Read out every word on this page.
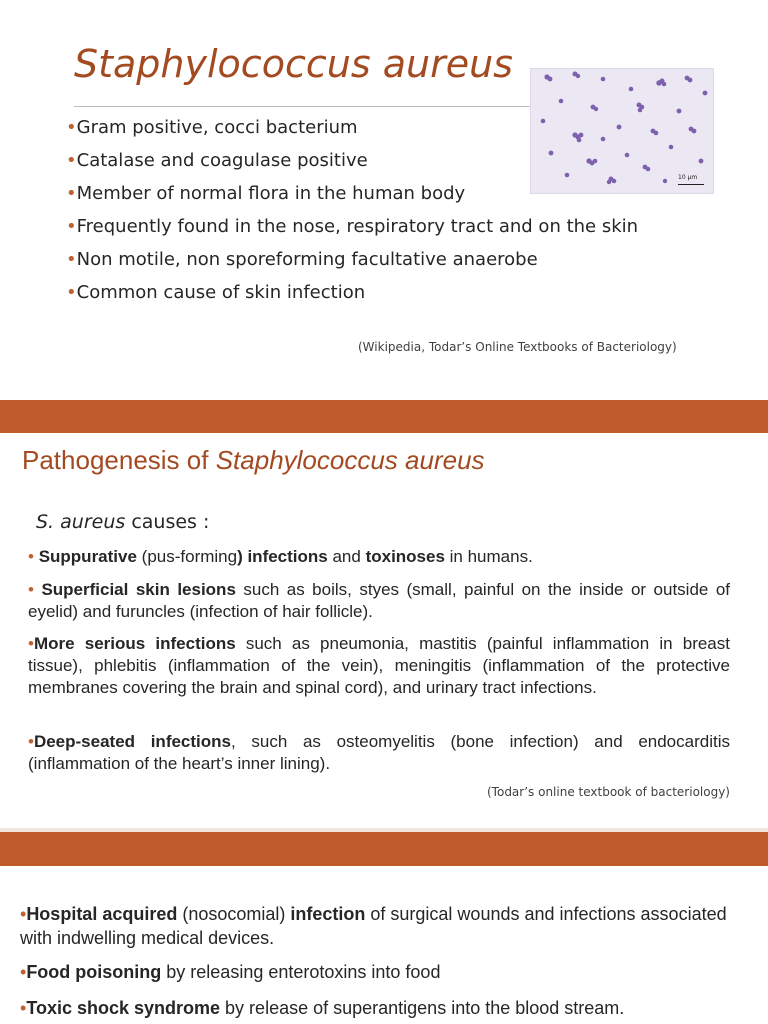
Staphylococcus aureus
•Gram positive, cocci bacterium
•Catalase and coagulase positive
•Member of normal flora in the human body
•Frequently found in the nose, respiratory tract and on the skin
•Non motile, non sporeforming facultative anaerobe
•Common cause of skin infection
10 µm
(Wikipedia, Todar’s Online Textbooks of Bacteriology)
Pathogenesis of Staphylococcus aureus
S. aureus causes :

• Suppurative (pus-forming) infections and toxinoses in humans.

• Superficial skin lesions such as boils, styes (small, painful on the inside or outside of eyelid) and furuncles (infection of hair follicle).

•More serious infections such as pneumonia, mastitis (painful inflammation in breast tissue), phlebitis (inflammation of the vein), meningitis (inflammation of the protective membranes covering the brain and spinal cord), and urinary tract infections.

•Deep-seated infections, such as osteomyelitis (bone infection) and endocarditis (inflammation of the heart’s inner lining).

(Todar’s online textbook of bacteriology)

•Hospital acquired (nosocomial) infection of surgical wounds and infections associated with indwelling medical devices.

•Food poisoning by releasing enterotoxins into food

•Toxic shock syndrome by release of superantigens into the blood stream.
